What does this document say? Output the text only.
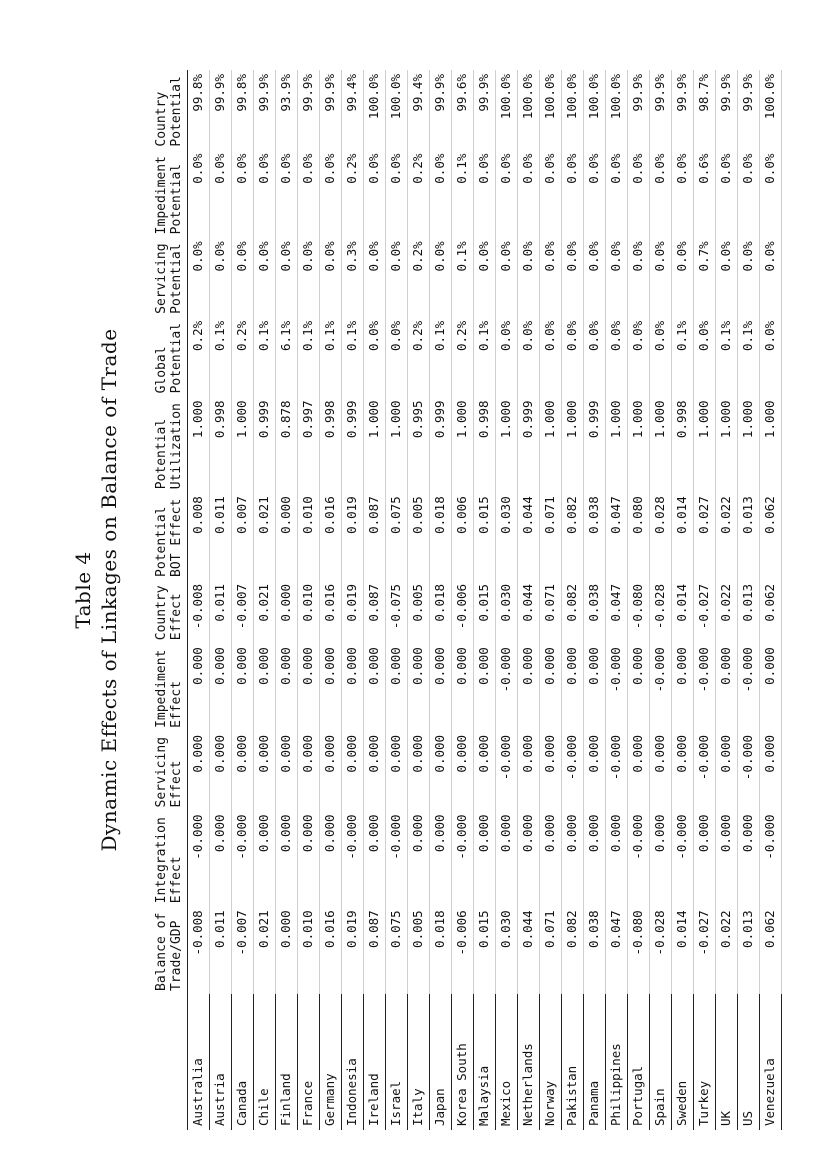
Table 4 Dynamic Effects of Linkages on Balance of Trade

	Balance of Trade/GDP	Integration Effect	Servicing Effect	Impediment Effect	Country Effect	Potential BOT Effect	Potential Utilization	Global Potential	Servicing Potential	Impediment Potential	Country Potential

Australia	-0.008	-0.000	0.000	0.000	-0.008	0.008	1.000	0.2%	0.0%	0.0%	99.8%
Austria	0.011	0.000	0.000	0.000	0.011	0.011	0.998	0.1%	0.0%	0.0%	99.9%
Canada	-0.007	-0.000	0.000	0.000	-0.007	0.007	1.000	0.2%	0.0%	0.0%	99.8%
Chile	0.021	0.000	0.000	0.000	0.021	0.021	0.999	0.1%	0.0%	0.0%	99.9%
Finland	0.000	0.000	0.000	0.000	0.000	0.000	0.878	6.1%	0.0%	0.0%	93.9%
France	0.010	0.000	0.000	0.000	0.010	0.010	0.997	0.1%	0.0%	0.0%	99.9%
Germany	0.016	0.000	0.000	0.000	0.016	0.016	0.998	0.1%	0.0%	0.0%	99.9%
Indonesia	0.019	-0.000	0.000	0.000	0.019	0.019	0.999	0.1%	0.3%	0.2%	99.4%
Ireland	0.087	0.000	0.000	0.000	0.087	0.087	1.000	0.0%	0.0%	0.0%	100.0%
Israel	0.075	-0.000	0.000	0.000	-0.075	0.075	1.000	0.0%	0.0%	0.0%	100.0%
Italy	0.005	0.000	0.000	0.000	0.005	0.005	0.995	0.2%	0.2%	0.2%	99.4%
Japan	0.018	0.000	0.000	0.000	0.018	0.018	0.999	0.1%	0.0%	0.0%	99.9%
Korea South	-0.006	-0.000	0.000	0.000	-0.006	0.006	1.000	0.2%	0.1%	0.1%	99.6%
Malaysia	0.015	0.000	0.000	0.000	0.015	0.015	0.998	0.1%	0.0%	0.0%	99.9%
Mexico	0.030	0.000	-0.000	-0.000	0.030	0.030	1.000	0.0%	0.0%	0.0%	100.0%
Netherlands	0.044	0.000	0.000	0.000	0.044	0.044	0.999	0.0%	0.0%	0.0%	100.0%
Norway	0.071	0.000	0.000	0.000	0.071	0.071	1.000	0.0%	0.0%	0.0%	100.0%
Pakistan	0.082	0.000	-0.000	0.000	0.082	0.082	1.000	0.0%	0.0%	0.0%	100.0%
Panama	0.038	0.000	0.000	0.000	0.038	0.038	0.999	0.0%	0.0%	0.0%	100.0%
Philippines	0.047	0.000	-0.000	-0.000	0.047	0.047	1.000	0.0%	0.0%	0.0%	100.0%
Portugal	-0.080	-0.000	0.000	0.000	-0.080	0.080	1.000	0.0%	0.0%	0.0%	99.9%
Spain	-0.028	0.000	0.000	-0.000	-0.028	0.028	1.000	0.0%	0.0%	0.0%	99.9%
Sweden	0.014	-0.000	0.000	0.000	0.014	0.014	0.998	0.1%	0.0%	0.0%	99.9%
Turkey	-0.027	0.000	-0.000	-0.000	-0.027	0.027	1.000	0.0%	0.7%	0.6%	98.7%
UK	0.022	0.000	0.000	0.000	0.022	0.022	1.000	0.1%	0.0%	0.0%	99.9%
US	0.013	0.000	-0.000	-0.000	0.013	0.013	1.000	0.1%	0.0%	0.0%	99.9%
Venezuela	0.062	-0.000	0.000	0.000	0.062	0.062	1.000	0.0%	0.0%	0.0%	100.0%
